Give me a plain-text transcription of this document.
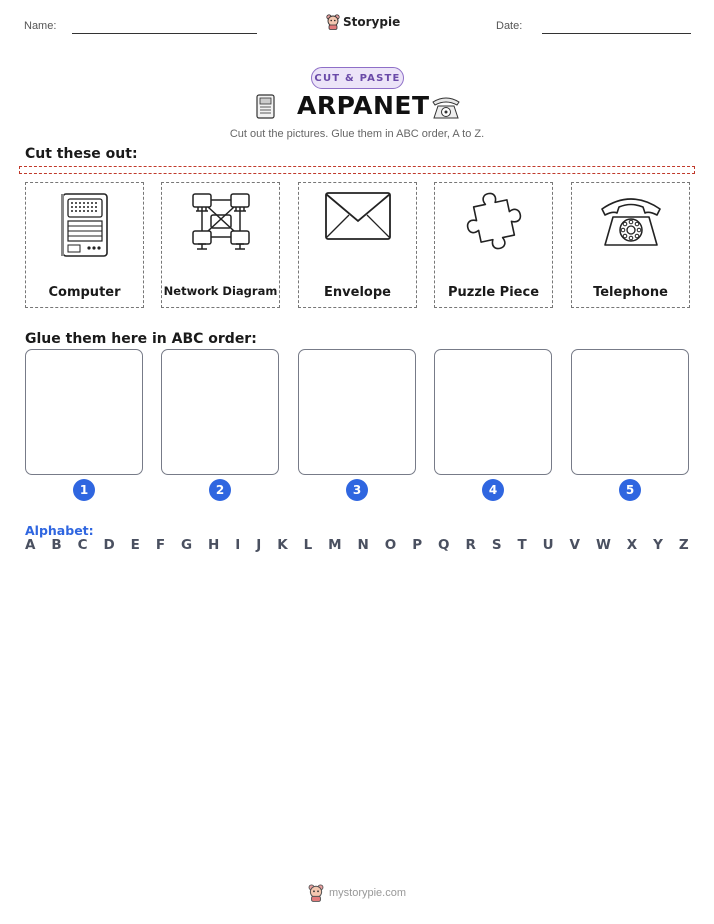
Name:	Storypie	Date:
CUT & PASTE
ARPANET
Cut out the pictures. Glue them in ABC order, A to Z.
Cut these out:
Computer	Network Diagram	Envelope	Puzzle Piece	Telephone
Glue them here in ABC order:
1	2	3	4	5
Alphabet:
A B C D E F G H I J K L M N O P Q R S T U V W X Y Z
mystorypie.com
